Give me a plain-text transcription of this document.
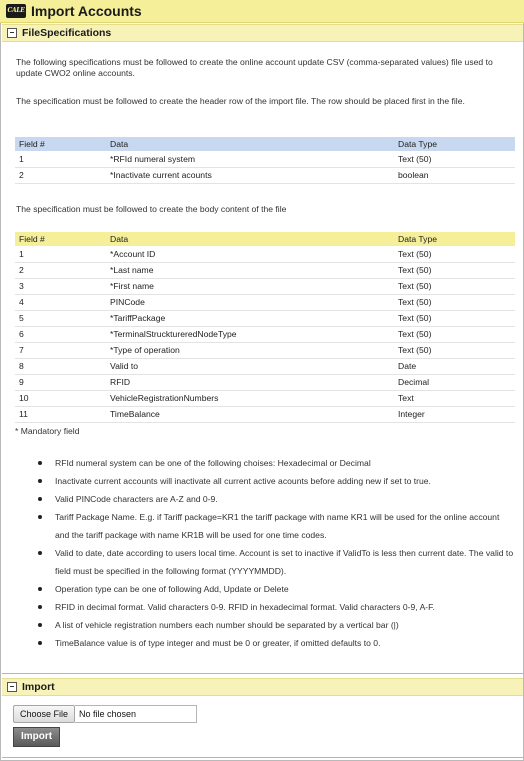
CALE Import Accounts
FileSpecifications
The following specifications must be followed to create the online account update CSV (comma-separated values) file used to update CWO2 online accounts.
The specification must be followed to create the header row of the import file. The row should be placed first in the file.
Field #	Data	Data Type
1	*RFId numeral system	Text (50)
2	*Inactivate current acounts	boolean
The specification must be followed to create the body content of the file
Field #	Data	Data Type
1	*Account ID	Text (50)
2	*Last name	Text (50)
3	*First name	Text (50)
4	PINCode	Text (50)
5	*TariffPackage	Text (50)
6	*TerminalStrucktureredNodeType	Text (50)
7	*Type of operation	Text (50)
8	Valid to	Date
9	RFID	Decimal
10	VehicleRegistrationNumbers	Text
11	TimeBalance	Integer
* Mandatory field
RFId numeral system can be one of the following choises: Hexadecimal or Decimal
Inactivate current accounts will inactivate all current active acounts before adding new if set to true.
Valid PINCode characters are A-Z and 0-9.
Tariff Package Name. E.g. if Tariff package=KR1 the tariff package with name KR1 will be used for the online account and the tariff package with name KR1B will be used for one time codes.
Valid to date, date according to users local time. Account is set to inactive if ValidTo is less then current date. The valid to field must be specified in the following format (YYYYMMDD).
Operation type can be one of following Add, Update or Delete
RFID in decimal format. Valid characters 0-9. RFID in hexadecimal format. Valid characters 0-9, A-F.
A list of vehicle registration numbers each number should be separated by a vertical bar (|)
TimeBalance value is of type integer and must be 0 or greater, if omitted defaults to 0.
Import
Choose File	No file chosen
Import
